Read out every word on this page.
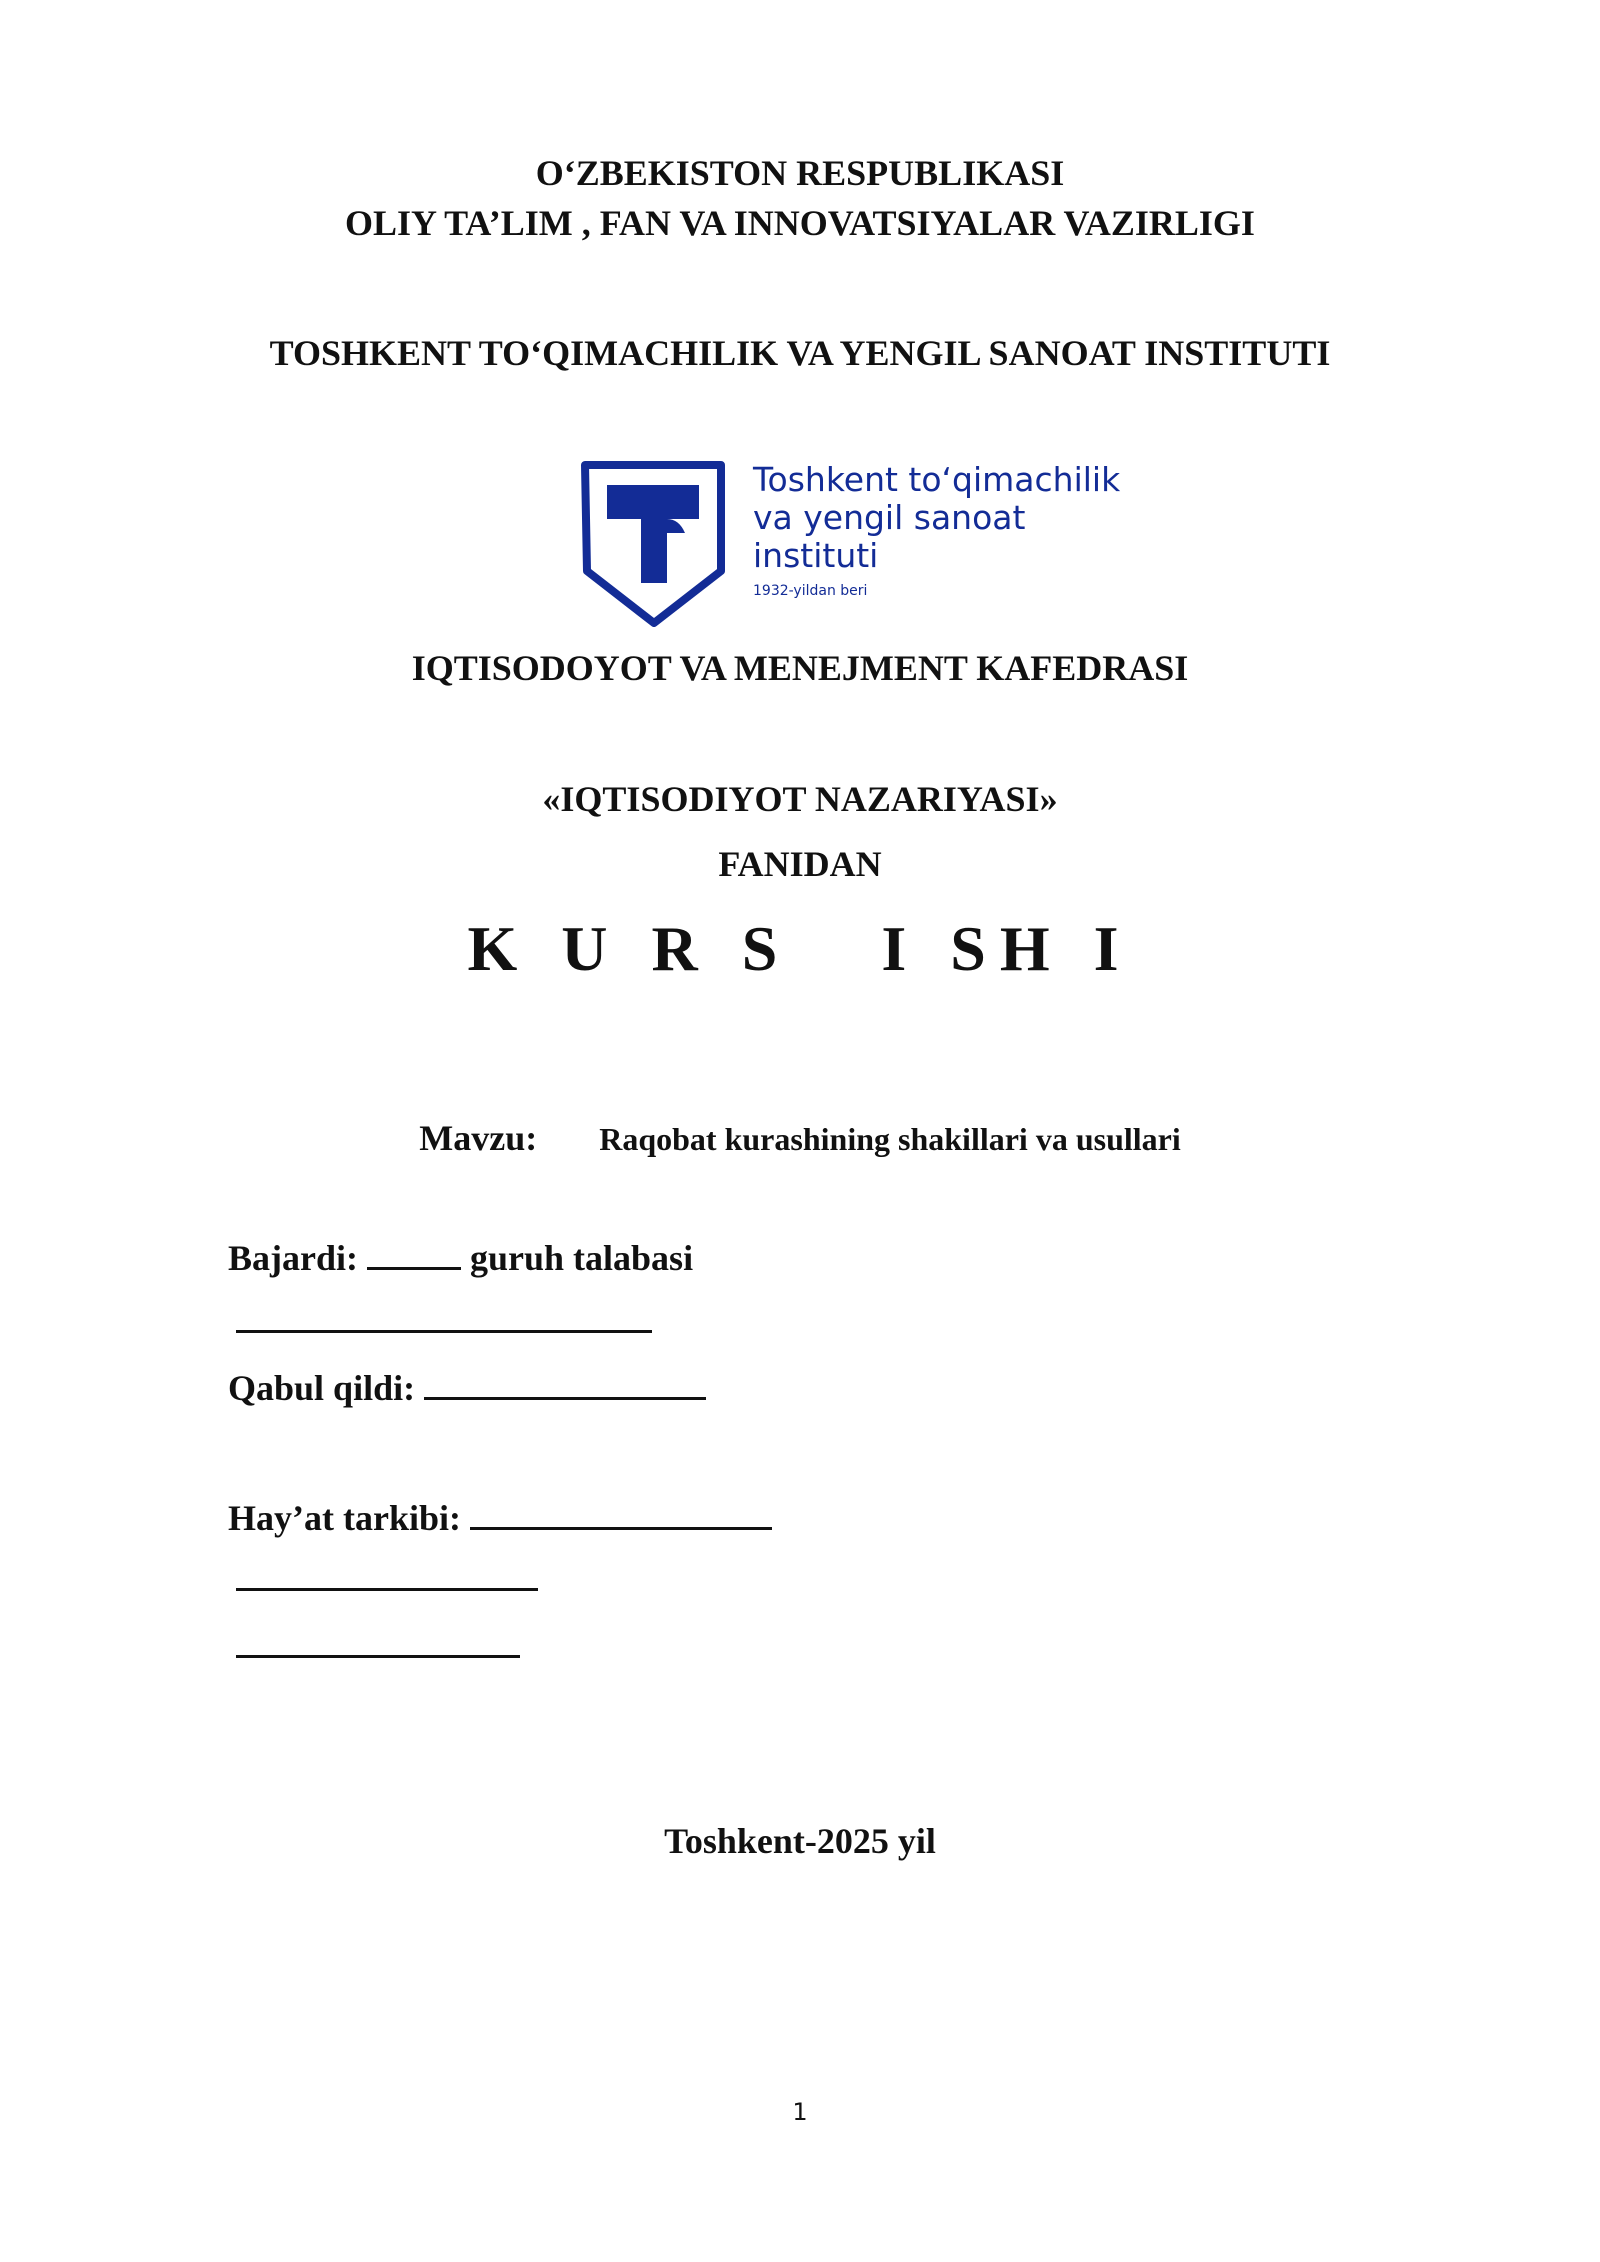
O‘ZBEKISTON RESPUBLIKASI
OLIY TA’LIM , FAN VA INNOVATSIYALAR VAZIRLIGI
TOSHKENT TO‘QIMACHILIK VA YENGIL SANOAT INSTITUTI
Toshkent to‘qimachilik
va yengil sanoat
instituti
1932-yildan beri
IQTISODOYOT VA MENEJMENT KAFEDRASI
«IQTISODIYOT NAZARIYASI»
FANIDAN
K U R S   I SH I
Mavzu: Raqobat kurashining shakillari va usullari
Bajardi:	guruh talabasi
Qabul qildi:
Hay’at tarkibi:
Toshkent-2025 yil
1
